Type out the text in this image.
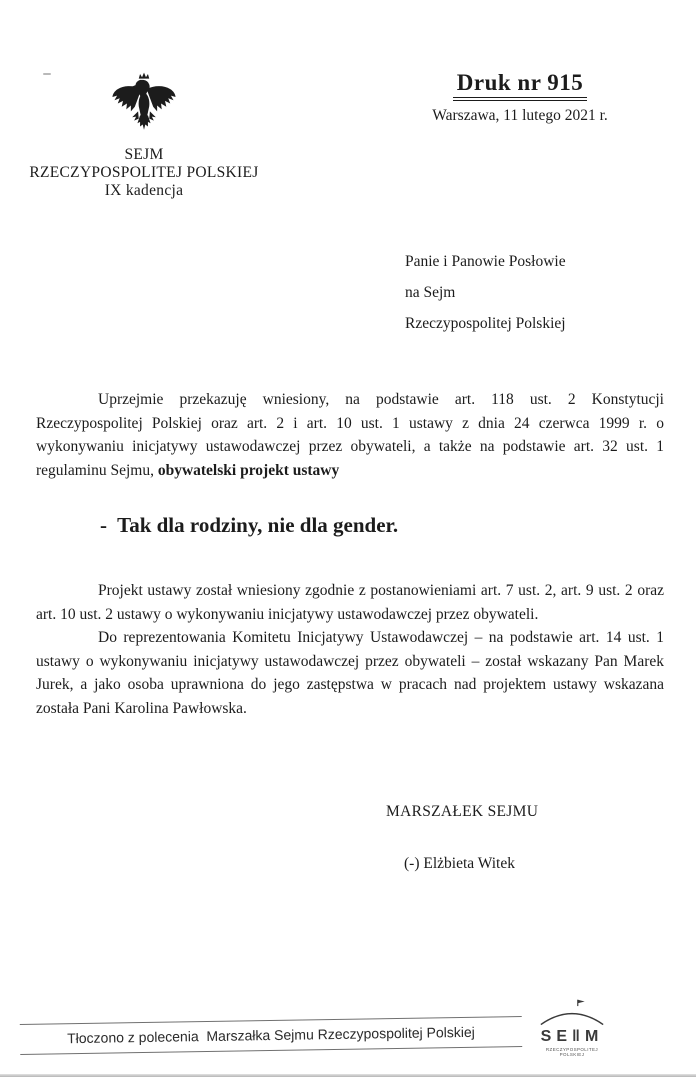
SEJM
RZECZYPOSPOLITEJ POLSKIEJ
IX kadencja
Druk nr 915
Warszawa, 11 lutego 2021 r.
Panie i Panowie Posłowie
na Sejm
Rzeczypospolitej Polskiej

Uprzejmie przekazuję wniesiony, na podstawie art. 118 ust. 2 Konstytucji Rzeczypospolitej Polskiej oraz art. 2 i art. 10 ust. 1 ustawy z dnia 24 czerwca 1999 r. o wykonywaniu inicjatywy ustawodawczej przez obywateli, a także na podstawie art. 32 ust. 1 regulaminu Sejmu, obywatelski projekt ustawy

-  Tak dla rodziny, nie dla gender.

Projekt ustawy został wniesiony zgodnie z postanowieniami art. 7 ust. 2, art. 9 ust. 2 oraz art. 10 ust. 2 ustawy o wykonywaniu inicjatywy ustawodawczej przez obywateli.

Do reprezentowania Komitetu Inicjatywy Ustawodawczej – na podstawie art. 14 ust. 1 ustawy o wykonywaniu inicjatywy ustawodawczej przez obywateli – został wskazany Pan Marek Jurek, a jako osoba uprawniona do jego zastępstwa w pracach nad projektem ustawy wskazana została Pani Karolina Pawłowska.

MARSZAŁEK SEJMU
(-) Elżbieta Witek
Tłoczono z polecenia  Marszałka Sejmu Rzeczypospolitej Polskiej	SE‖M
RZECZYPOSPOLITEJ POLSKIEJ
